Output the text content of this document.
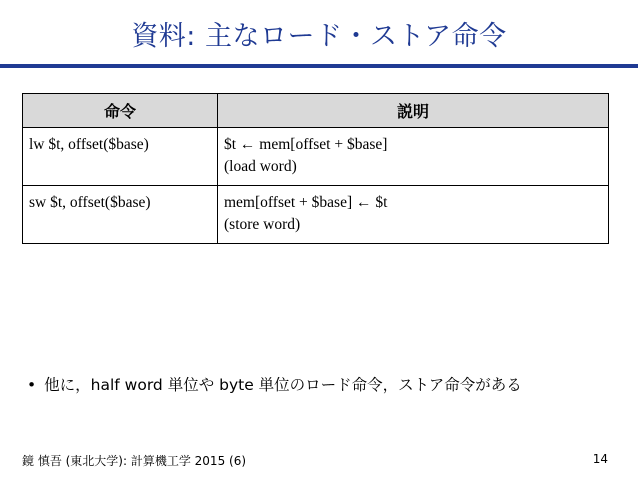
資料: 主なロード・ストア命令
命令	説明
lw $t, offset($base)	$t ← mem[offset + $base]
(load word)

sw $t, offset($base)	mem[offset + $base] ← $t
(store word)
• 他に，half word 単位や byte 単位のロード命令，ストア命令がある
鏡 慎吾 (東北大学): 計算機工学 2015 (6)	14
